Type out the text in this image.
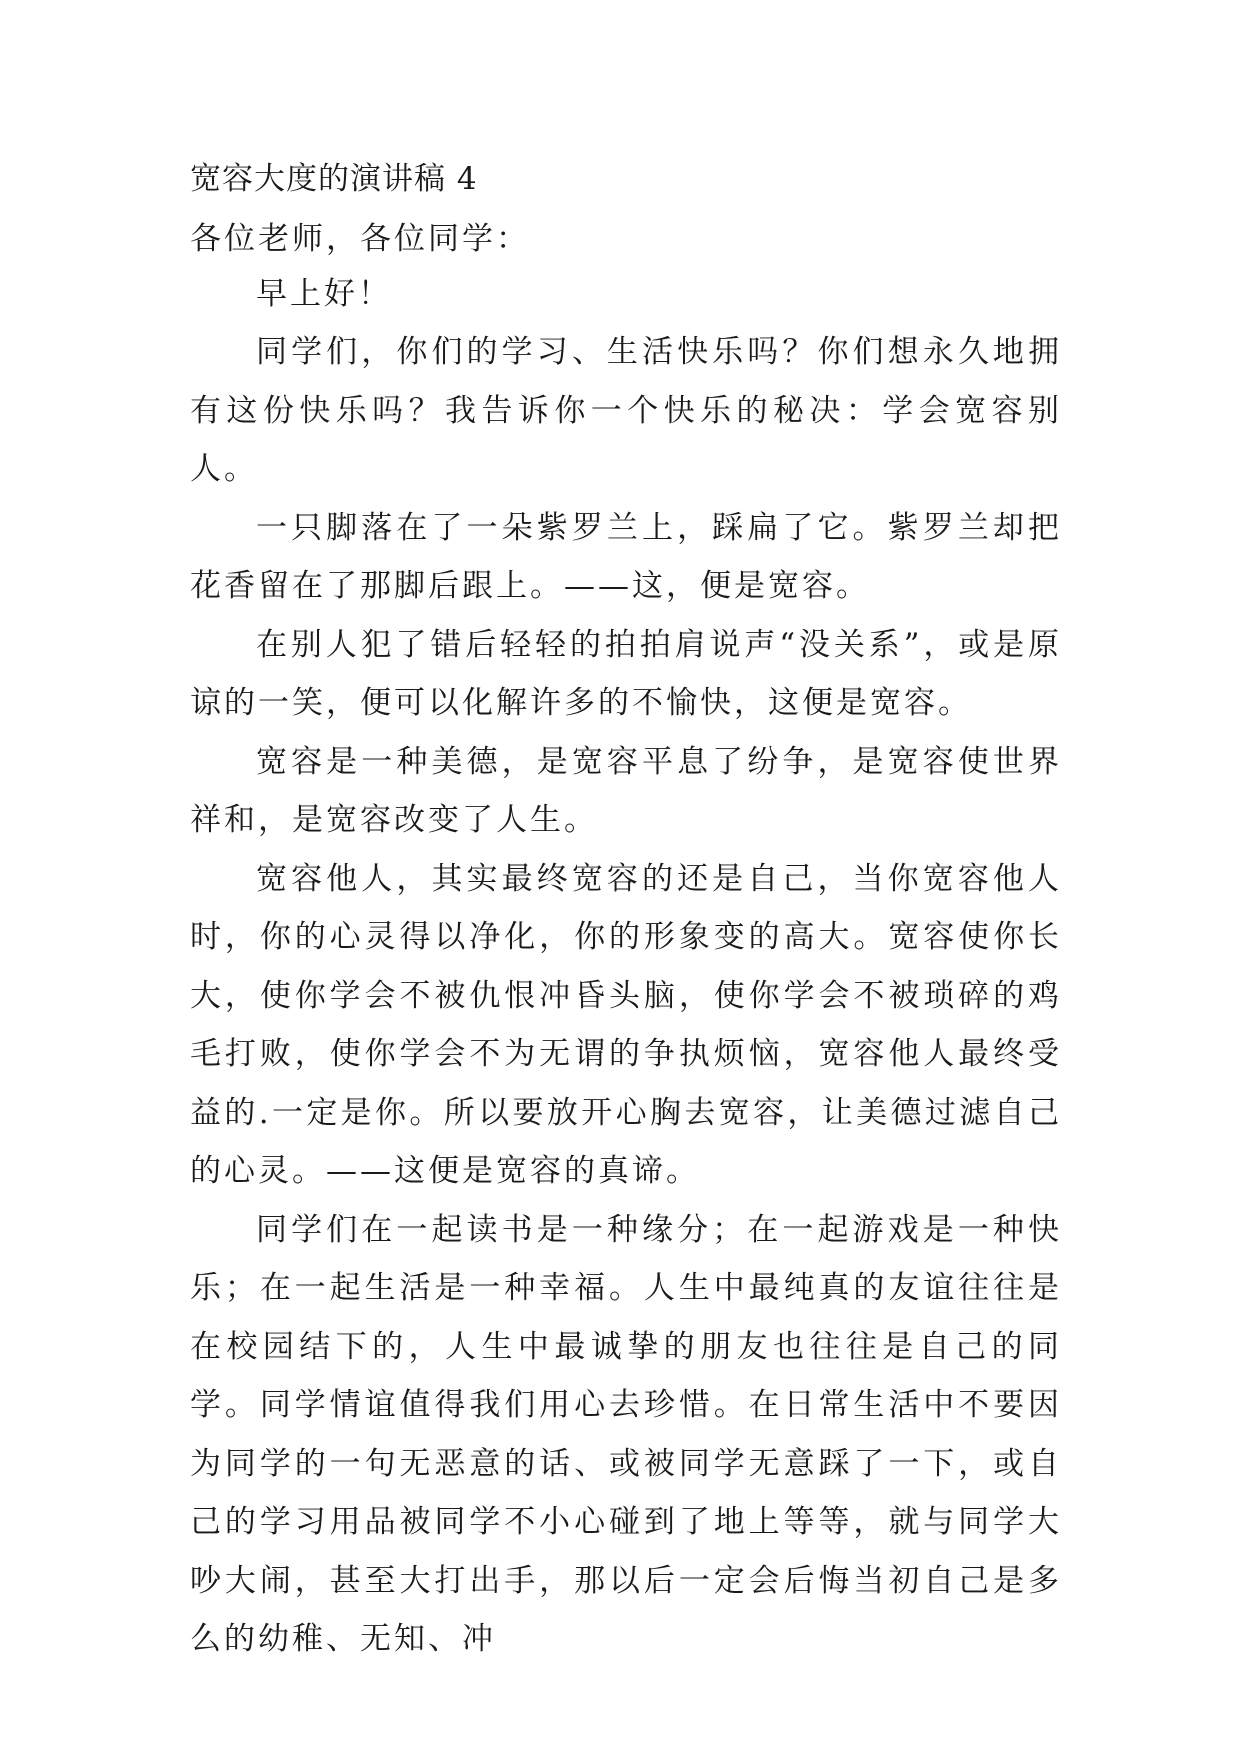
宽容大度的演讲稿 4

各位老师，各位同学：

早上好！

同学们，你们的学习、生活快乐吗？你们想永久地拥有这份快乐吗？我告诉你一个快乐的秘决：学会宽容别人。

一只脚落在了一朵紫罗兰上，踩扁了它。紫罗兰却把花香留在了那脚后跟上。——这，便是宽容。

在别人犯了错后轻轻的拍拍肩说声“没关系”，或是原谅的一笑，便可以化解许多的不愉快，这便是宽容。

宽容是一种美德，是宽容平息了纷争，是宽容使世界祥和，是宽容改变了人生。

宽容他人，其实最终宽容的还是自己，当你宽容他人时，你的心灵得以净化，你的形象变的高大。宽容使你长大，使你学会不被仇恨冲昏头脑，使你学会不被琐碎的鸡毛打败，使你学会不为无谓的争执烦恼，宽容他人最终受益的.一定是你。所以要放开心胸去宽容，让美德过滤自己的心灵。——这便是宽容的真谛。

同学们在一起读书是一种缘分；在一起游戏是一种快乐；在一起生活是一种幸福。人生中最纯真的友谊往往是在校园结下的，人生中最诚挚的朋友也往往是自己的同学。同学情谊值得我们用心去珍惜。在日常生活中不要因为同学的一句无恶意的话、或被同学无意踩了一下，或自己的学习用品被同学不小心碰到了地上等等，就与同学大吵大闹，甚至大打出手，那以后一定会后悔当初自己是多么的幼稚、无知、冲
